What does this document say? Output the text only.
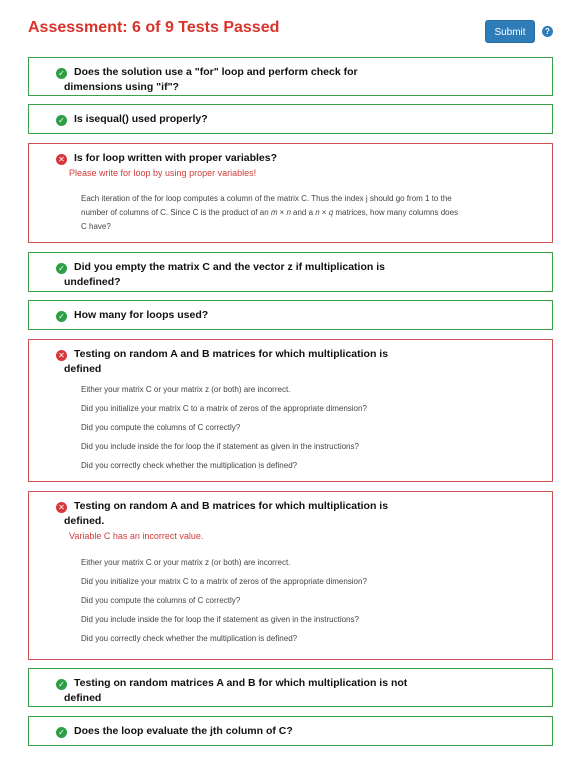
Assessment: 6 of 9 Tests Passed	Submit	?
✓ Does the solution use a "for" loop and perform check for
dimensions using "if"?
✓ Is isequal() used properly?
✕ Is for loop written with proper variables?
Please write for loop by using proper variables!
Each iteration of the for loop computes a column of the matrix C. Thus the index j should go from 1 to the
number of columns of C. Since C is the product of an 𝑚 × 𝑛 and a 𝑛 × 𝑞 matrices, how many columns does
C have?
✓ Did you empty the matrix C and the vector z if multiplication is
undefined?
✓ How many for loops used?
✕ Testing on random A and B matrices for which multiplication is
defined
Either your matrix C or your matrix z (or both) are incorrect.
Did you initialize your matrix C to a matrix of zeros of the appropriate dimension?
Did you compute the columns of C correctly?
Did you include inside the for loop the if statement as given in the instructions?
Did you correctly check whether the multiplication is defined?
✕ Testing on random A and B matrices for which multiplication is
defined.
Variable C has an incorrect value.
Either your matrix C or your matrix z (or both) are incorrect.
Did you initialize your matrix C to a matrix of zeros of the appropriate dimension?
Did you compute the columns of C correctly?
Did you include inside the for loop the if statement as given in the instructions?
Did you correctly check whether the multiplication is defined?
✓ Testing on random matrices A and B for which multiplication is not
defined
✓ Does the loop evaluate the jth column of C?
